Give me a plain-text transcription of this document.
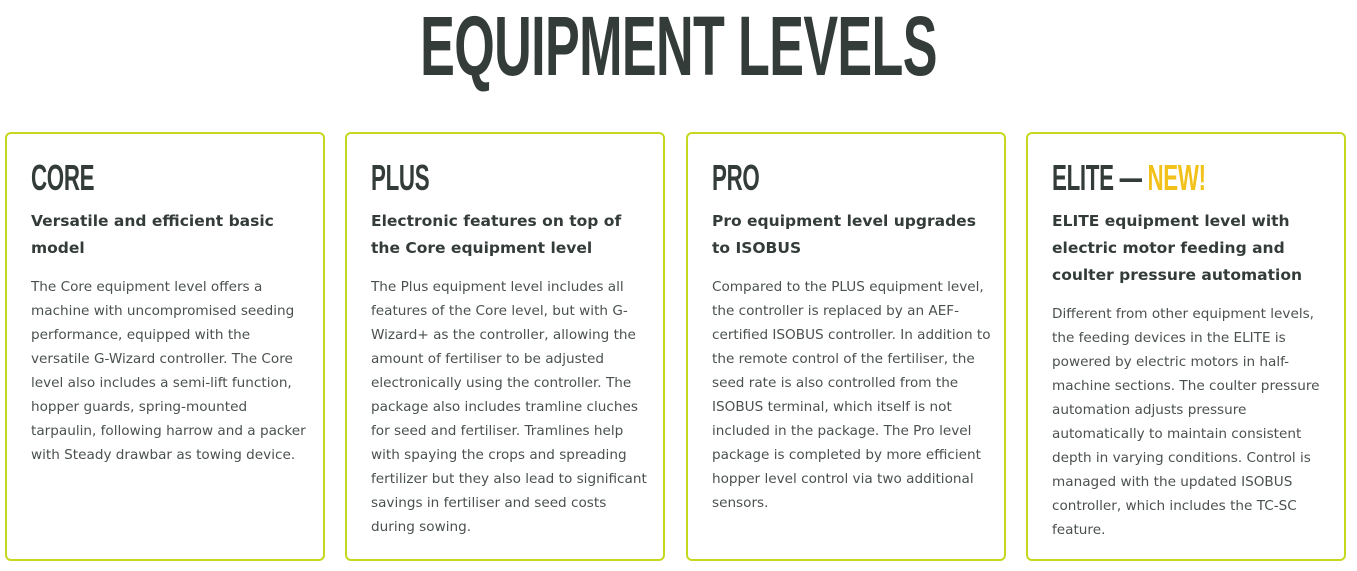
EQUIPMENT LEVELS
CORE

Versatile and efficient basic model

The Core equipment level offers a machine with uncompromised seeding performance, equipped with the versatile G-Wizard controller. The Core level also includes a semi-lift function, hopper guards, spring-mounted tarpaulin, following harrow and a packer with Steady drawbar as towing device.

PLUS

Electronic features on top of the Core equipment level

The Plus equipment level includes all features of the Core level, but with G-Wizard+ as the controller, allowing the amount of fertiliser to be adjusted electronically using the controller. The package also includes tramline cluches for seed and fertiliser. Tramlines help with spaying the crops and spreading fertilizer but they also lead to significant savings in fertiliser and seed costs during sowing.

PRO

Pro equipment level upgrades to ISOBUS

Compared to the PLUS equipment level, the controller is replaced by an AEF-certified ISOBUS controller. In addition to the remote control of the fertiliser, the seed rate is also controlled from the ISOBUS terminal, which itself is not included in the package. The Pro level package is completed by more efficient hopper level control via two additional sensors.

ELITE — NEW!

ELITE equipment level with electric motor feeding and coulter pressure automation

Different from other equipment levels, the feeding devices in the ELITE is powered by electric motors in half-machine sections. The coulter pressure automation adjusts pressure automatically to maintain consistent depth in varying conditions. Control is managed with the updated ISOBUS controller, which includes the TC-SC feature.
